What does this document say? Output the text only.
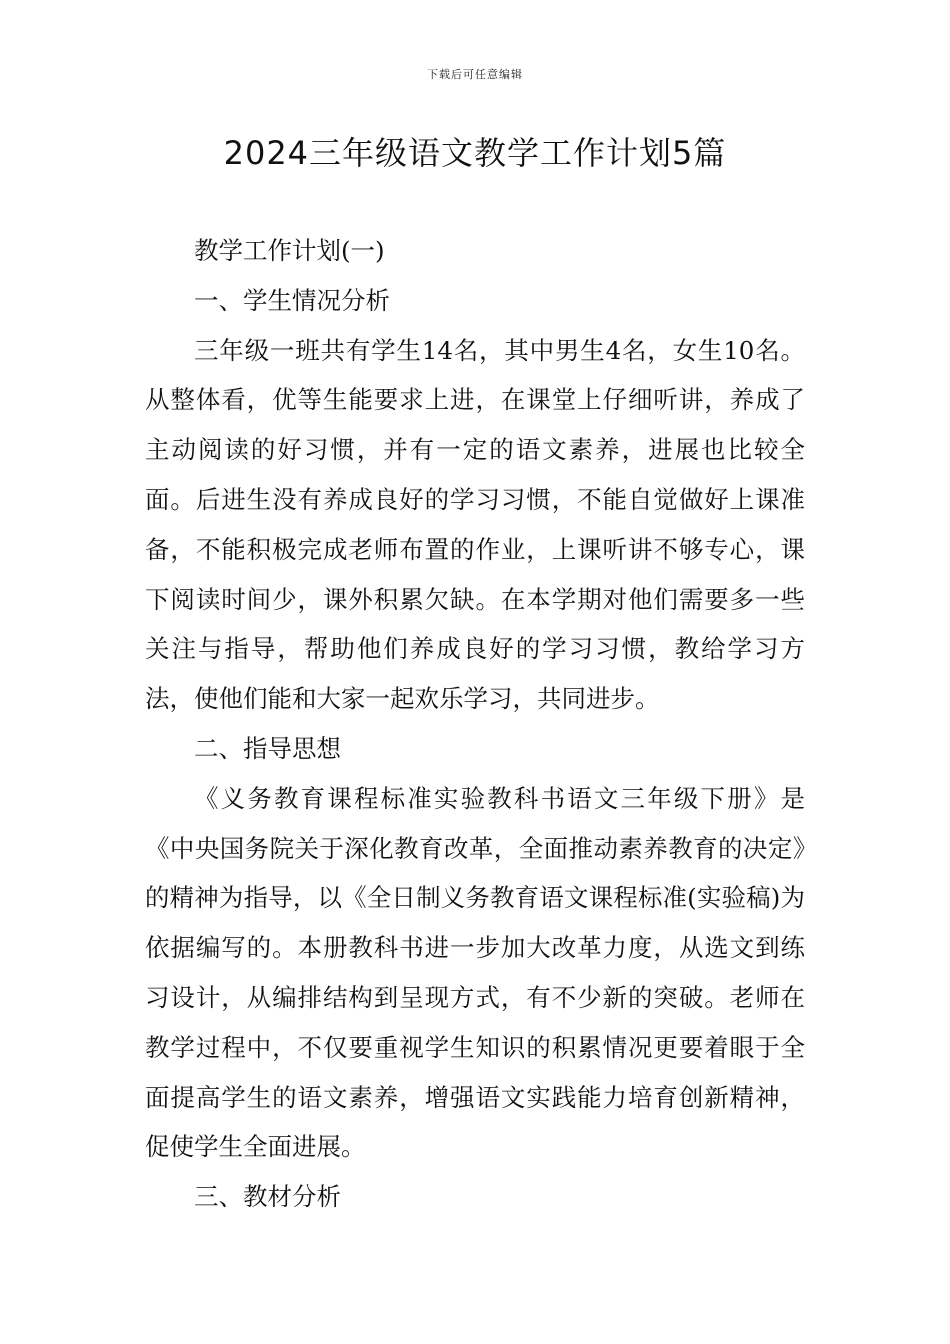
下载后可任意编辑
2024三年级语文教学工作计划5篇

教学工作计划(一)

一、学生情况分析

三年级一班共有学生14名，其中男生4名，女生10名。从整体看，优等生能要求上进，在课堂上仔细听讲，养成了主动阅读的好习惯，并有一定的语文素养，进展也比较全面。后进生没有养成良好的学习习惯，不能自觉做好上课准备，不能积极完成老师布置的作业，上课听讲不够专心，课下阅读时间少，课外积累欠缺。在本学期对他们需要多一些关注与指导，帮助他们养成良好的学习习惯，教给学习方法，使他们能和大家一起欢乐学习，共同进步。

二、指导思想

《义务教育课程标准实验教科书语文三年级下册》是《中央国务院关于深化教育改革，全面推动素养教育的决定》的精神为指导，以《全日制义务教育语文课程标准(实验稿)为依据编写的。本册教科书进一步加大改革力度，从选文到练习设计，从编排结构到呈现方式，有不少新的突破。老师在教学过程中，不仅要重视学生知识的积累情况更要着眼于全面提高学生的语文素养，增强语文实践能力培育创新精神，促使学生全面进展。

三、教材分析
